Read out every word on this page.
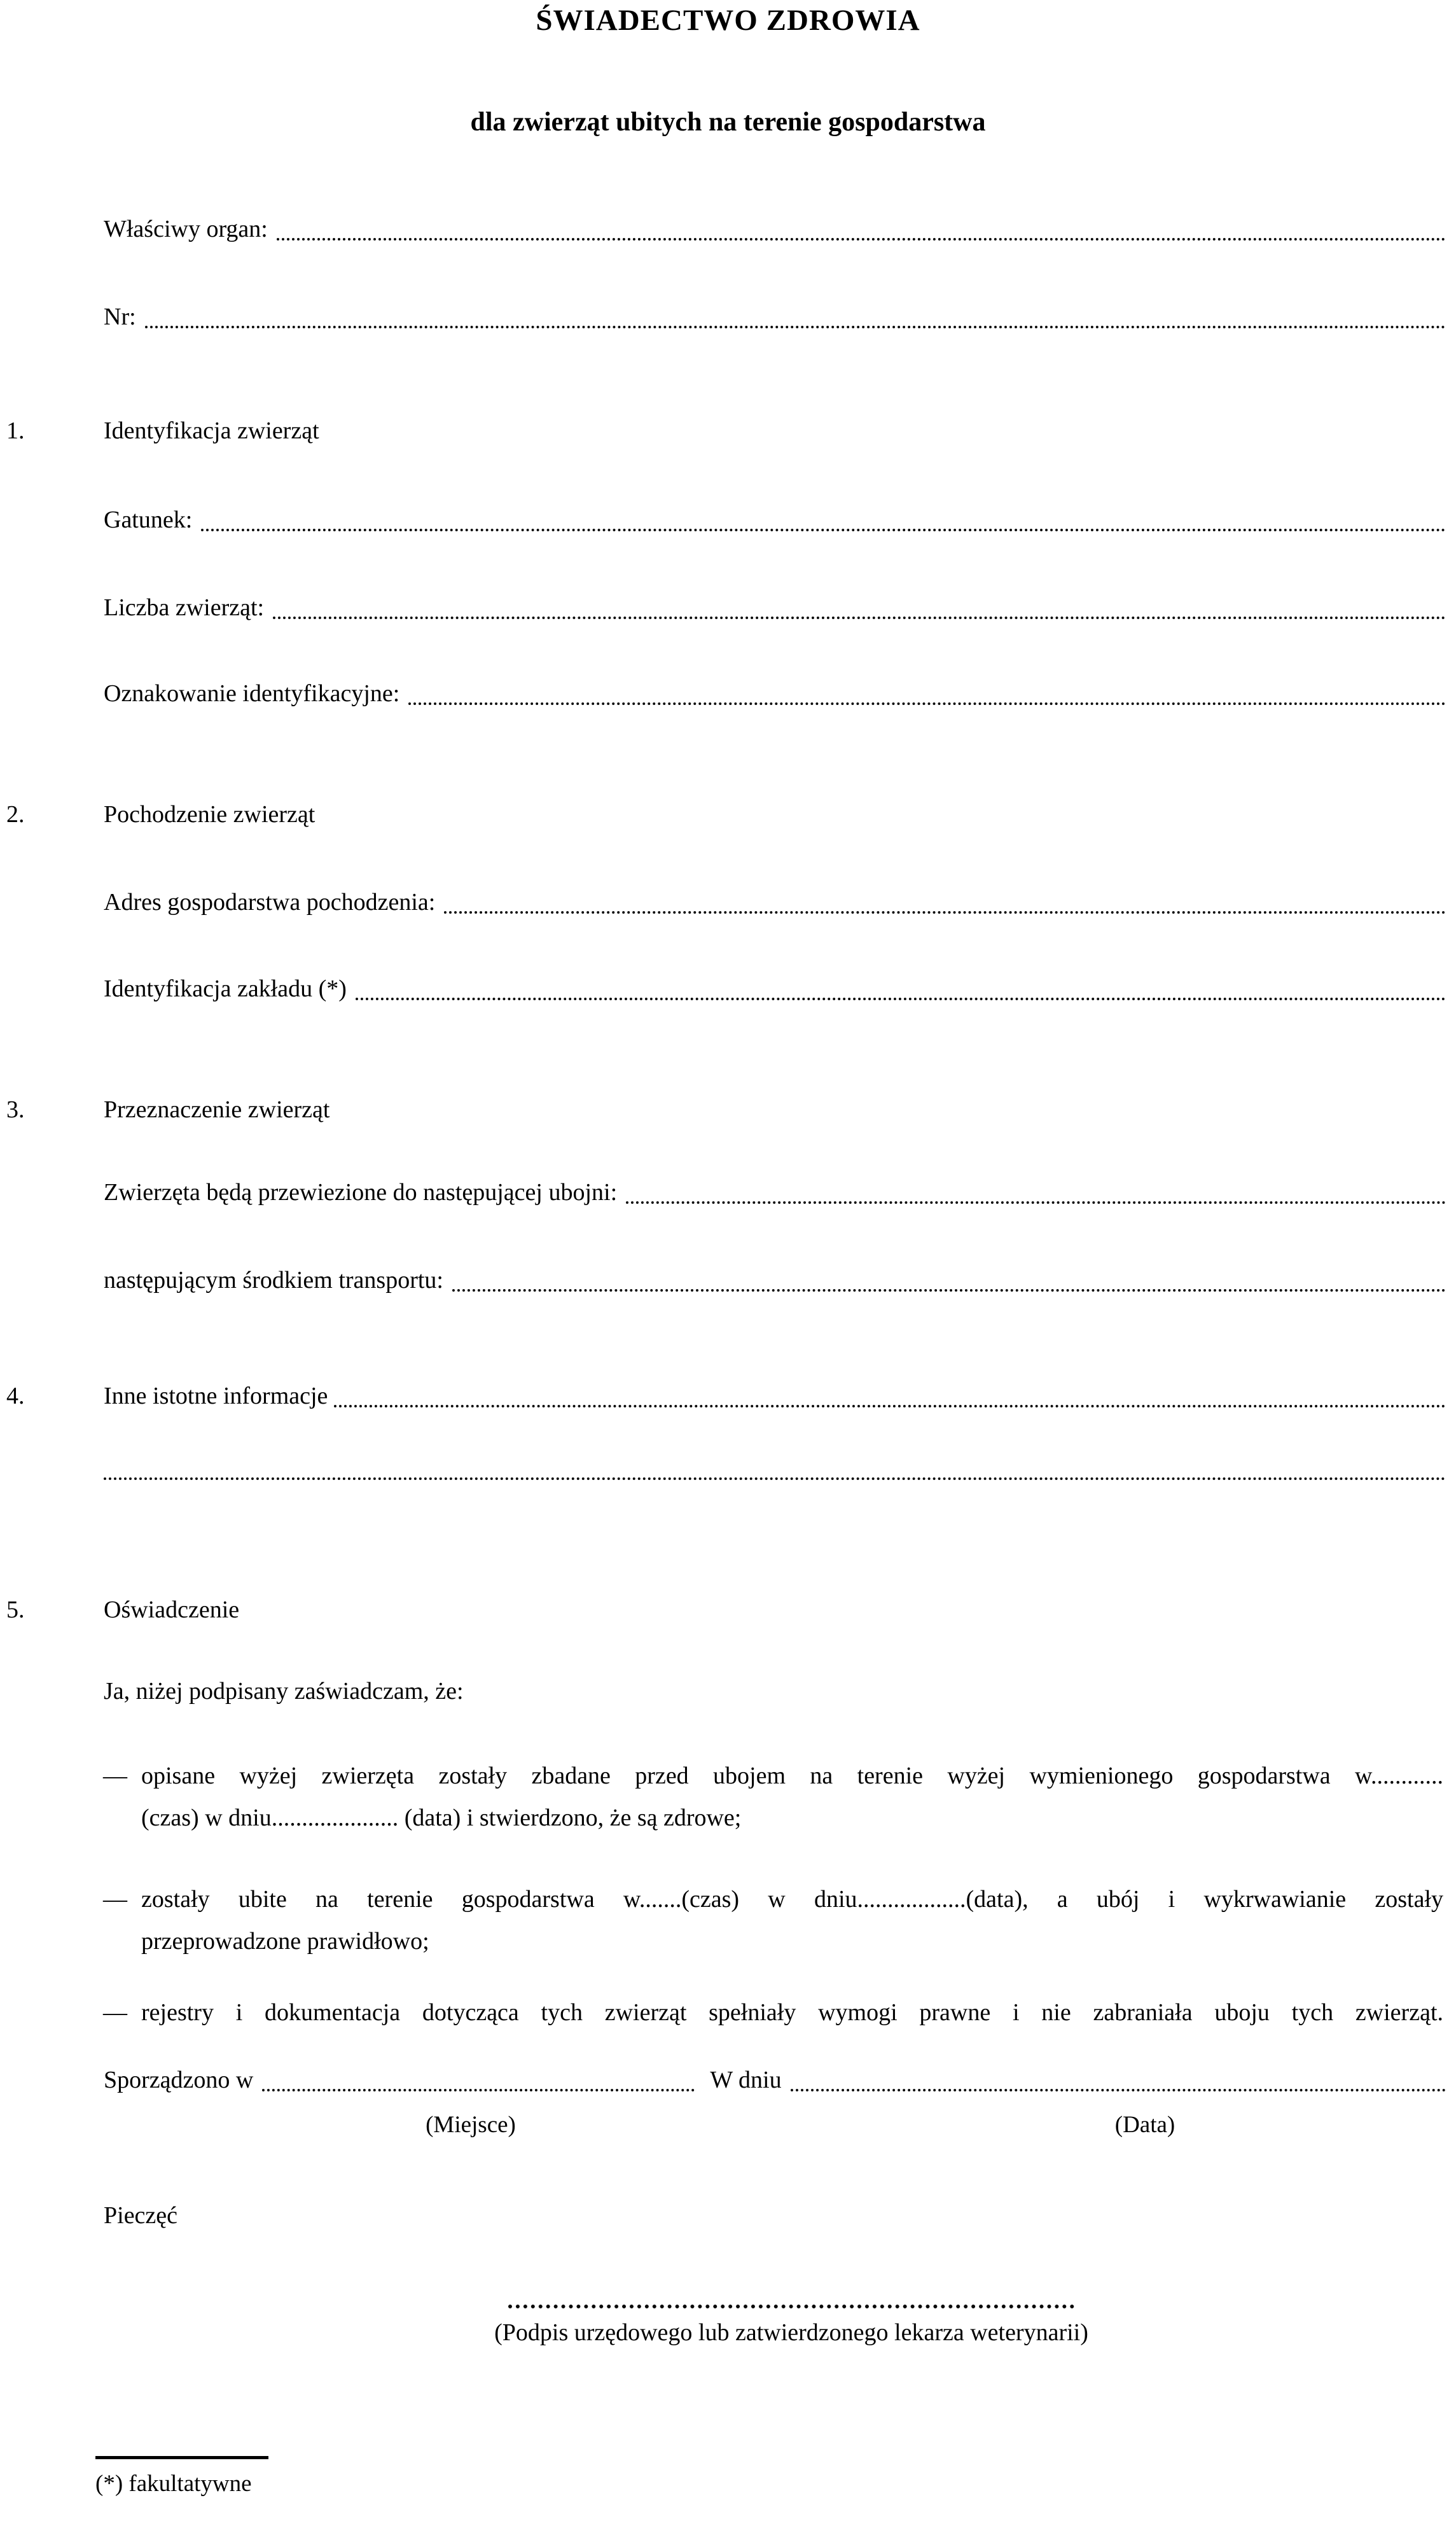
ŚWIADECTWO ZDROWIA
dla zwierząt ubitych na terenie gospodarstwa
Właściwy organ:
Nr:
1.	Identyfikacja zwierząt
Gatunek:
Liczba zwierząt:
Oznakowanie identyfikacyjne:
2.	Pochodzenie zwierząt
Adres gospodarstwa pochodzenia:
Identyfikacja zakładu (*)
3.	Przeznaczenie zwierząt
Zwierzęta będą przewiezione do następującej ubojni:
następującym środkiem transportu:
4.	Inne istotne informacje
5.	Oświadczenie
Ja, niżej podpisany zaświadczam, że:
— opisane wyżej zwierzęta zostały zbadane przed ubojem na terenie wyżej wymienionego gospodarstwa w............
(czas) w dniu..................... (data) i stwierdzono, że są zdrowe;
— zostały ubite na terenie gospodarstwa w.......(czas) w dniu..................(data), a ubój i wykrwawianie zostały
przeprowadzone prawidłowo;
— rejestry i dokumentacja dotycząca tych zwierząt spełniały wymogi prawne i nie zabraniała uboju tych zwierząt.
Sporządzono w	W dniu
(Miejsce)	(Data)
Pieczęć
(Podpis urzędowego lub zatwierdzonego lekarza weterynarii)
(*) fakultatywne
